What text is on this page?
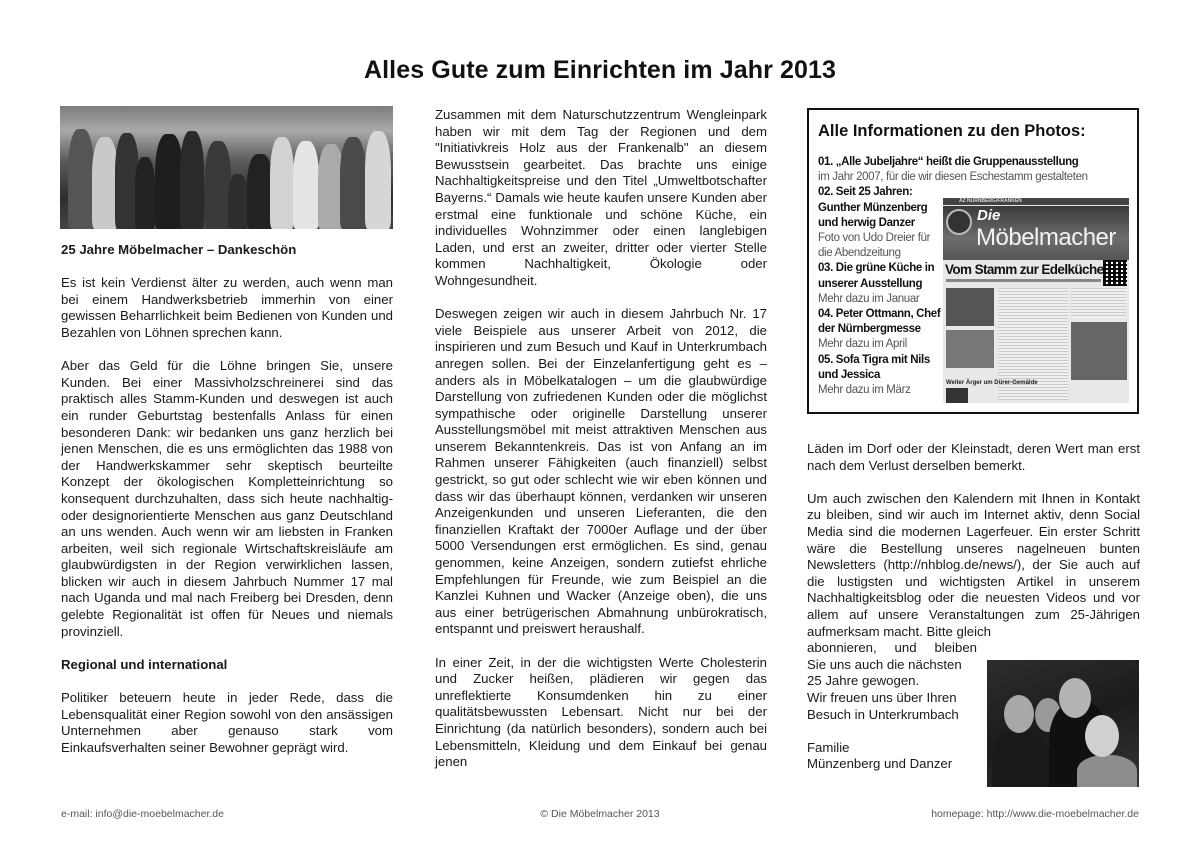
Alles Gute zum Einrichten im Jahr 2013
25 Jahre Möbelmacher – Dankeschön

Es ist kein Verdienst älter zu werden, auch wenn man bei einem Handwerksbetrieb immerhin von einer gewissen Beharrlichkeit beim Bedienen von Kunden und Bezahlen von Löhnen sprechen kann.

Aber das Geld für die Löhne bringen Sie, unsere Kunden. Bei einer Massivholzschreinerei sind das praktisch alles Stamm-Kunden und deswegen ist auch ein runder Geburtstag bestenfalls Anlass für einen besonderen Dank: wir bedanken uns ganz herzlich bei jenen Menschen, die es uns ermöglichten das 1988 von der Handwerkskammer sehr skeptisch beurteilte Konzept der ökologischen Kompletteinrichtung so konsequent durchzuhalten, dass sich heute nachhaltig- oder designorientierte Menschen aus ganz Deutschland an uns wenden. Auch wenn wir am liebsten in Franken arbeiten, weil sich regionale Wirtschaftskreisläufe am glaubwürdigsten in der Region verwirklichen lassen, blicken wir auch in diesem Jahrbuch Nummer 17 mal nach Uganda und mal nach Freiberg bei Dresden, denn gelebte Regionalität ist offen für Neues und niemals provinziell.

Regional und international

Politiker beteuern heute in jeder Rede, dass die Lebensqualität einer Region sowohl von den ansässigen Unternehmen aber genauso stark vom Einkaufsverhalten seiner Bewohner geprägt wird.

Zusammen mit dem Naturschutzzentrum Wengleinpark haben wir mit dem Tag der Regionen und dem "Initiativkreis Holz aus der Frankenalb" an diesem Bewusstsein gearbeitet. Das brachte uns einige Nachhaltigkeitspreise und den Titel „Umweltbotschafter Bayerns.“ Damals wie heute kaufen unsere Kunden aber erstmal eine funktionale und schöne Küche, ein individuelles Wohnzimmer oder einen langlebigen Laden, und erst an zweiter, dritter oder vierter Stelle kommen Nachhaltigkeit, Ökologie oder Wohngesundheit.

Deswegen zeigen wir auch in diesem Jahrbuch Nr. 17 viele Beispiele aus unserer Arbeit von 2012, die inspirieren und zum Besuch und Kauf in Unterkrumbach anregen sollen. Bei der Einzelanfertigung geht es – anders als in Möbelkatalogen – um die glaubwürdige Darstellung von zufriedenen Kunden oder die möglichst sympathische oder originelle Darstellung unserer Ausstellungsmöbel mit meist attraktiven Menschen aus unserem Bekanntenkreis. Das ist von Anfang an im Rahmen unserer Fähigkeiten (auch finanziell) selbst gestrickt, so gut oder schlecht wie wir eben können und dass wir das überhaupt können, verdanken wir unseren Anzeigenkunden und unseren Lieferanten, die den finanziellen Kraftakt der 7000er Auflage und der über 5000 Versendungen erst ermöglichen. Es sind, genau genommen, keine Anzeigen, sondern zutiefst ehrliche Empfehlungen für Freunde, wie zum Beispiel an die Kanzlei Kuhnen und Wacker (Anzeige oben), die uns aus einer betrügerischen Abmahnung unbürokratisch, entspannt und preiswert heraushalf.

In einer Zeit, in der die wichtigsten Werte Cholesterin und Zucker heißen, plädieren wir gegen das unreflektierte Konsumdenken hin zu einer qualitätsbewussten Lebensart. Nicht nur bei der Einrichtung (da natürlich besonders), sondern auch bei Lebensmitteln, Kleidung und dem Einkauf bei genau jenen

Alle Informationen zu den Photos:
01. „Alle Jubeljahre“ heißt die Gruppenausstellung
im Jahr 2007, für die wir diesen Eschestamm gestalteten
02. Seit 25 Jahren: Gunther Münzenberg und herwig Danzer
Foto von Udo Dreier für die Abendzeitung
03. Die grüne Küche in unserer Ausstellung
Mehr dazu im Januar
04. Peter Ottmann, Chef der Nürnbergmesse
Mehr dazu im April
05. Sofa Tigra mit Nils und Jessica
Mehr dazu im März
AZ NÜRNBERG/FRANKEN
Die
Möbelmacher
Vom Stamm zur Edelküche
Weiter Ärger um Dürer-Gemälde

Läden im Dorf oder der Kleinstadt, deren Wert man erst nach dem Verlust derselben bemerkt.

Um auch zwischen den Kalendern mit Ihnen in Kontakt zu bleiben, sind wir auch im Internet aktiv, denn Social Media sind die modernen Lagerfeuer. Ein erster Schritt wäre die Bestellung unseres nagelneuen bunten Newsletters (http://nhblog.de/news/), der Sie auch auf die lustigsten und wichtigsten Artikel in unserem Nachhaltigkeitsblog oder die neuesten Videos und vor allem auf unsere Veranstaltungen zum 25-Jährigen aufmerksam macht. Bitte gleich

abonnieren, und bleiben
Sie uns auch die nächsten
25 Jahre gewogen.
Wir freuen uns über Ihren
Besuch in Unterkrumbach
Familie
Münzenberg und Danzer
e-mail: info@die-moebelmacher.de	© Die Möbelmacher 2013	homepage: http://www.die-moebelmacher.de
